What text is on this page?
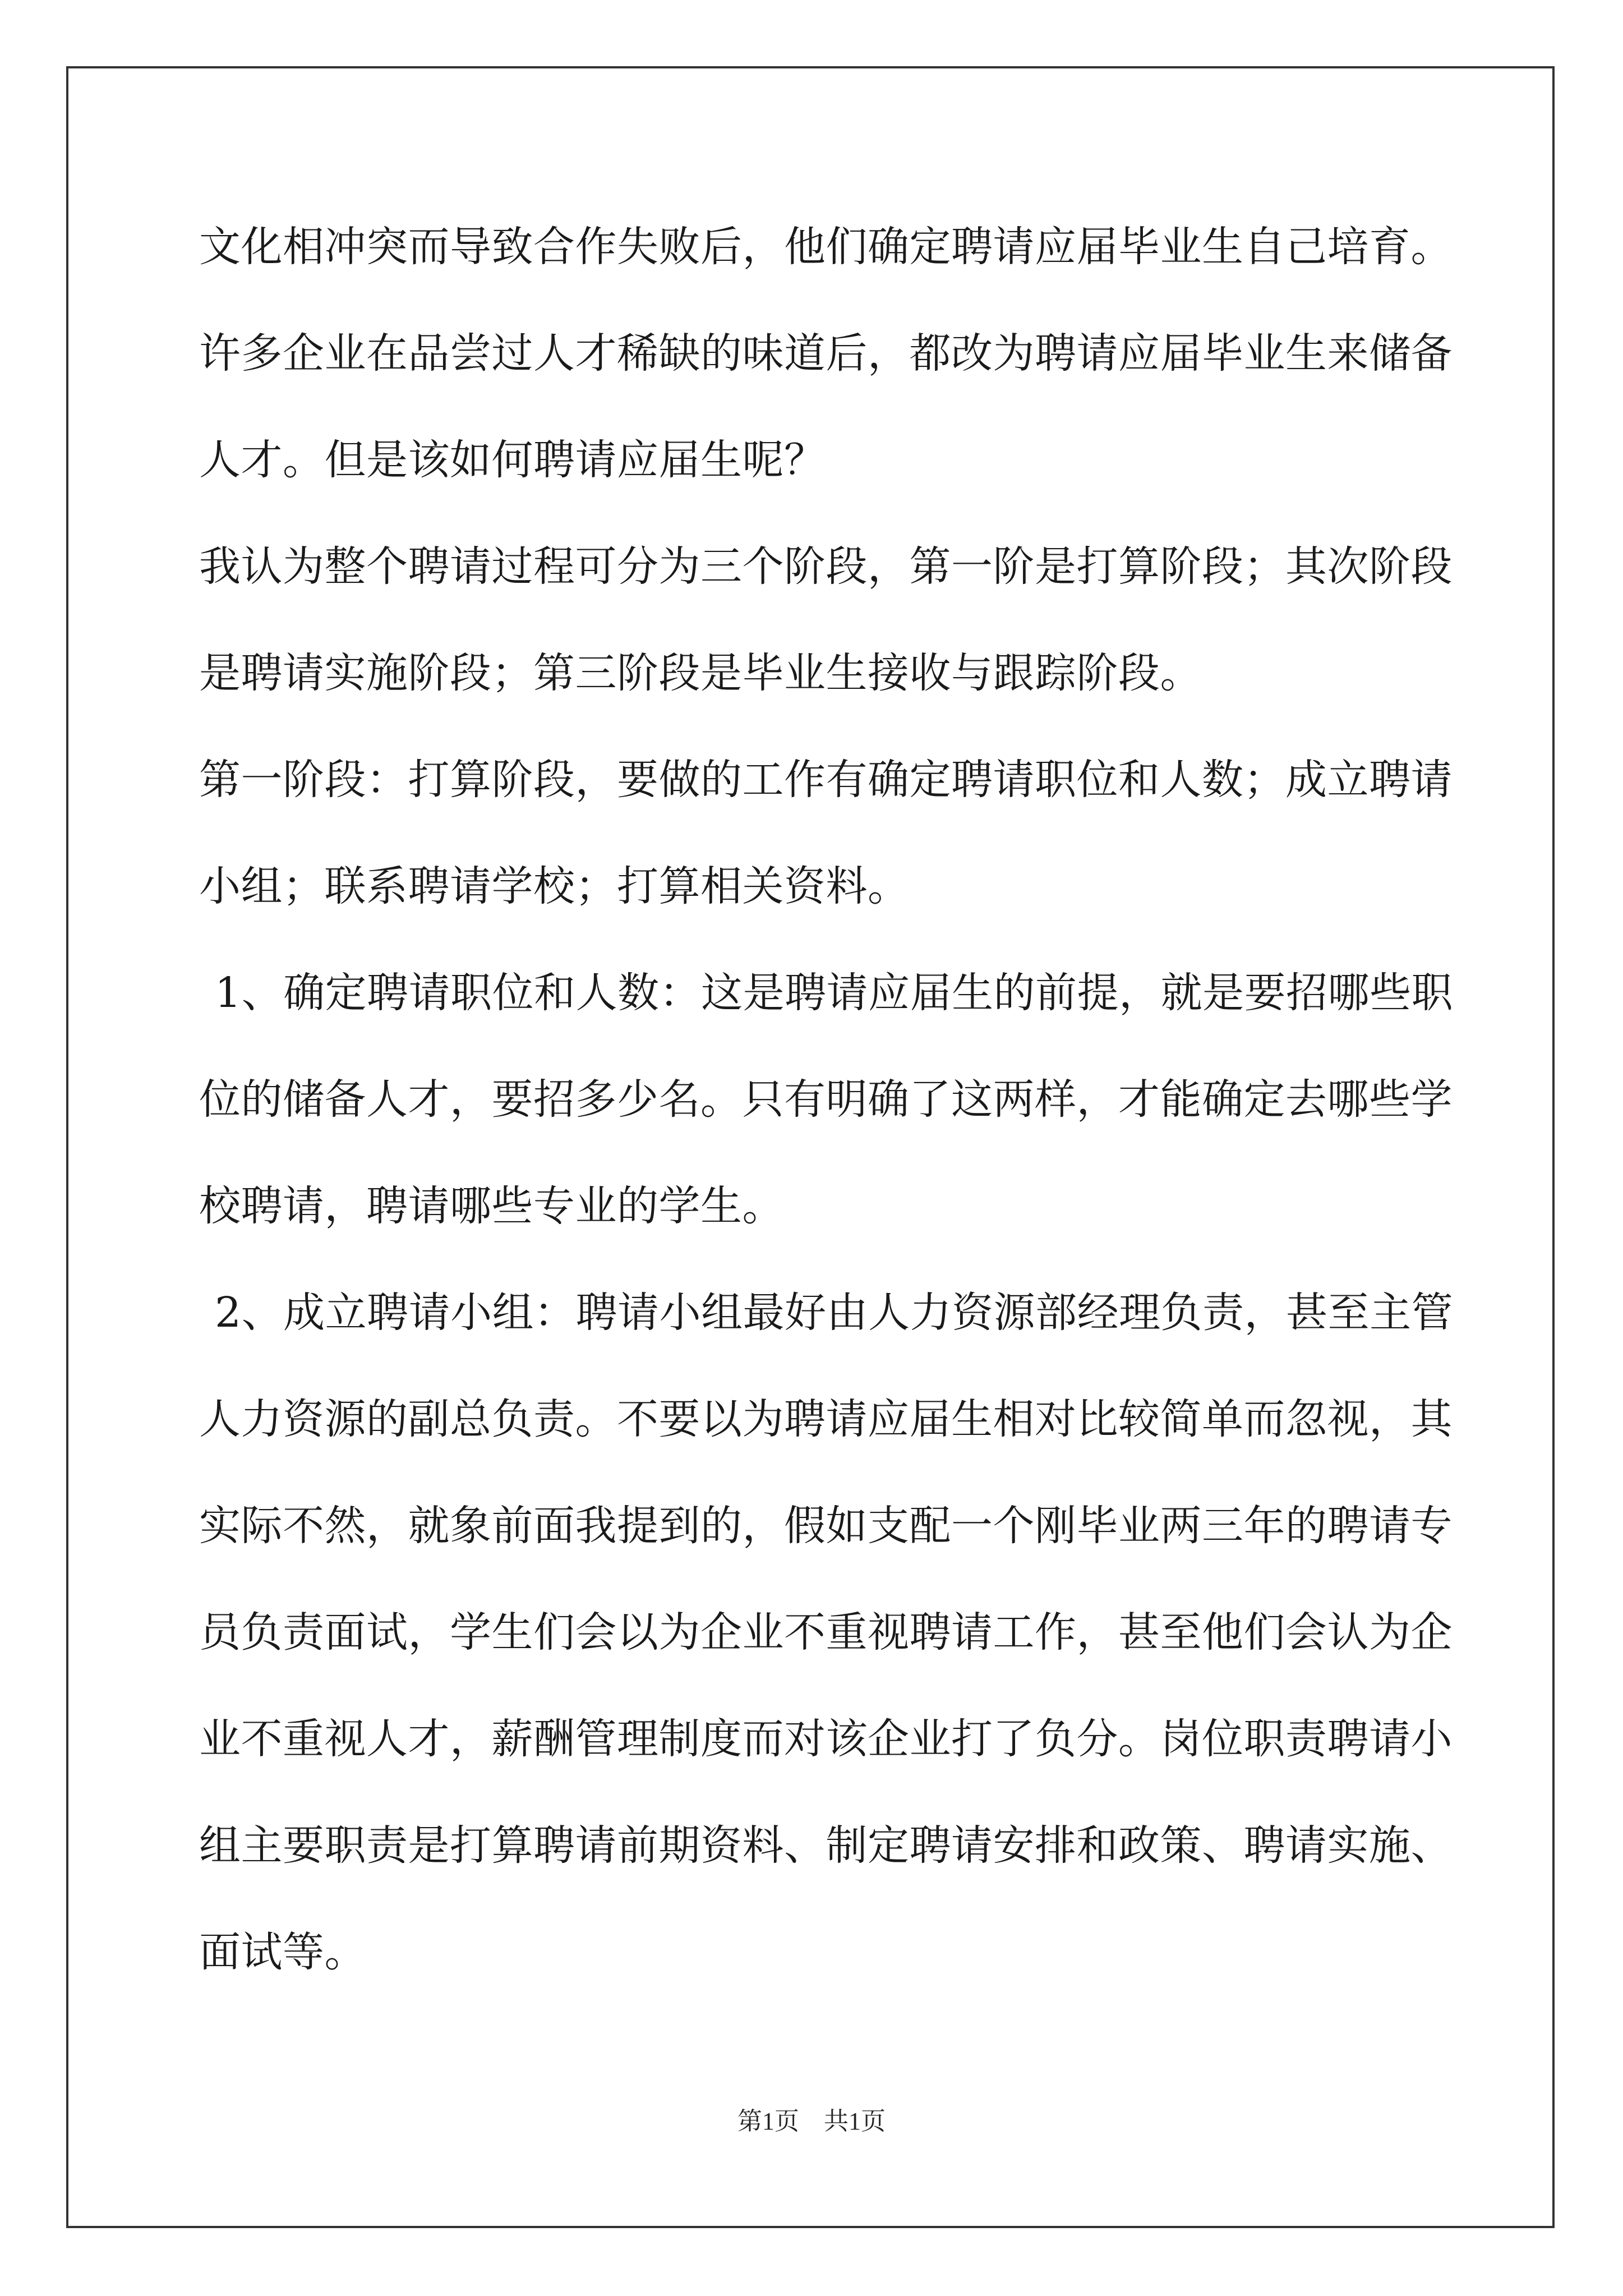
文化相冲突而导致合作失败后，他们确定聘请应届毕业生自己培育。
许多企业在品尝过人才稀缺的味道后，都改为聘请应届毕业生来储备
人才。但是该如何聘请应届生呢？
我认为整个聘请过程可分为三个阶段，第一阶是打算阶段；其次阶段
是聘请实施阶段；第三阶段是毕业生接收与跟踪阶段。
第一阶段：打算阶段，要做的工作有确定聘请职位和人数；成立聘请
小组；联系聘请学校；打算相关资料。
1、确定聘请职位和人数：这是聘请应届生的前提，就是要招哪些职
位的储备人才，要招多少名。只有明确了这两样，才能确定去哪些学
校聘请，聘请哪些专业的学生。
2、成立聘请小组：聘请小组最好由人力资源部经理负责，甚至主管
人力资源的副总负责。不要以为聘请应届生相对比较简单而忽视，其
实际不然，就象前面我提到的，假如支配一个刚毕业两三年的聘请专
员负责面试，学生们会以为企业不重视聘请工作，甚至他们会认为企
业不重视人才，薪酬管理制度而对该企业打了负分。岗位职责聘请小
组主要职责是打算聘请前期资料、制定聘请安排和政策、聘请实施、
面试等。
第1页　共1页
